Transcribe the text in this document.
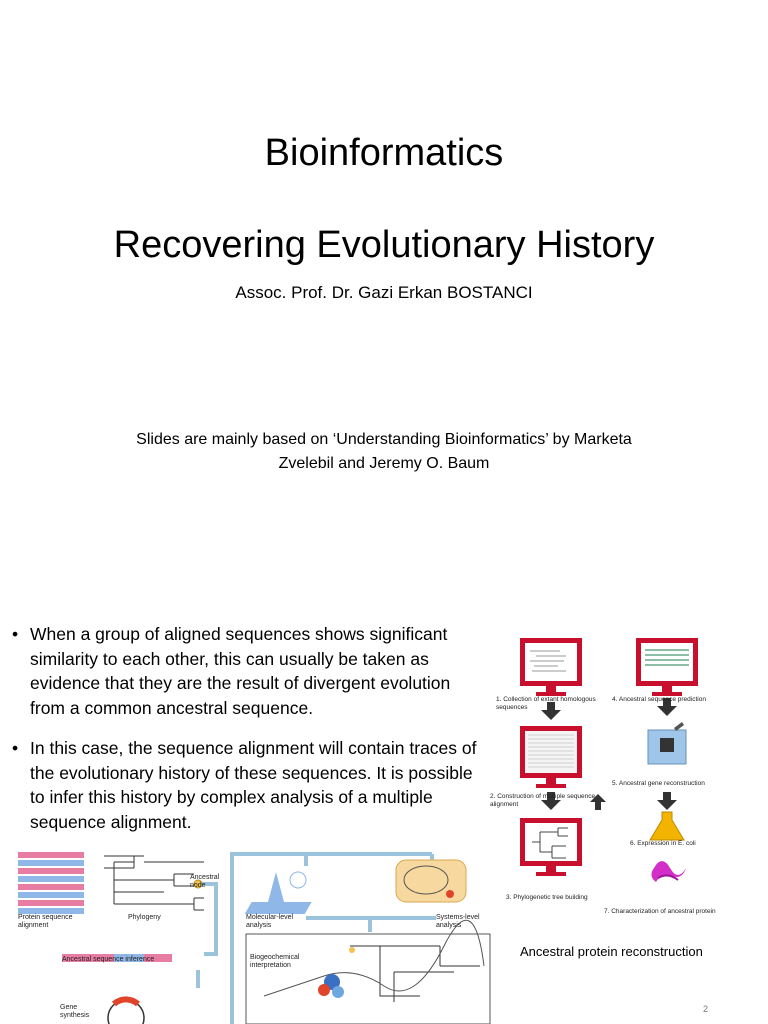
Bioinformatics
Recovering Evolutionary History
Assoc. Prof. Dr. Gazi Erkan BOSTANCI
Slides are mainly based on ‘Understanding Bioinformatics’ by Marketa
Zvelebil and Jeremy O. Baum
• When a group of aligned sequences shows significant similarity to each other, this can usually be taken as evidence that they are the result of divergent evolution from a common ancestral sequence.
• In this case, the sequence alignment will contain traces of the evolutionary history of these sequences. It is possible to infer this history by complex analysis of a multiple sequence alignment.
1. Collection of extant homologous sequences
4. Ancestral sequence prediction
2. Construction of multiple sequence alignment
5. Ancestral gene reconstruction
3. Phylogenetic tree building
6. Expression in E. coli
7. Characterization of ancestral protein
Ancestral protein reconstruction
2
Protein sequence alignment
Phylogeny
Ancestral node
Ancestral sequence inference
Gene synthesis
Molecular-level analysis
Systems-level analysis
Biogeochemical interpretation
